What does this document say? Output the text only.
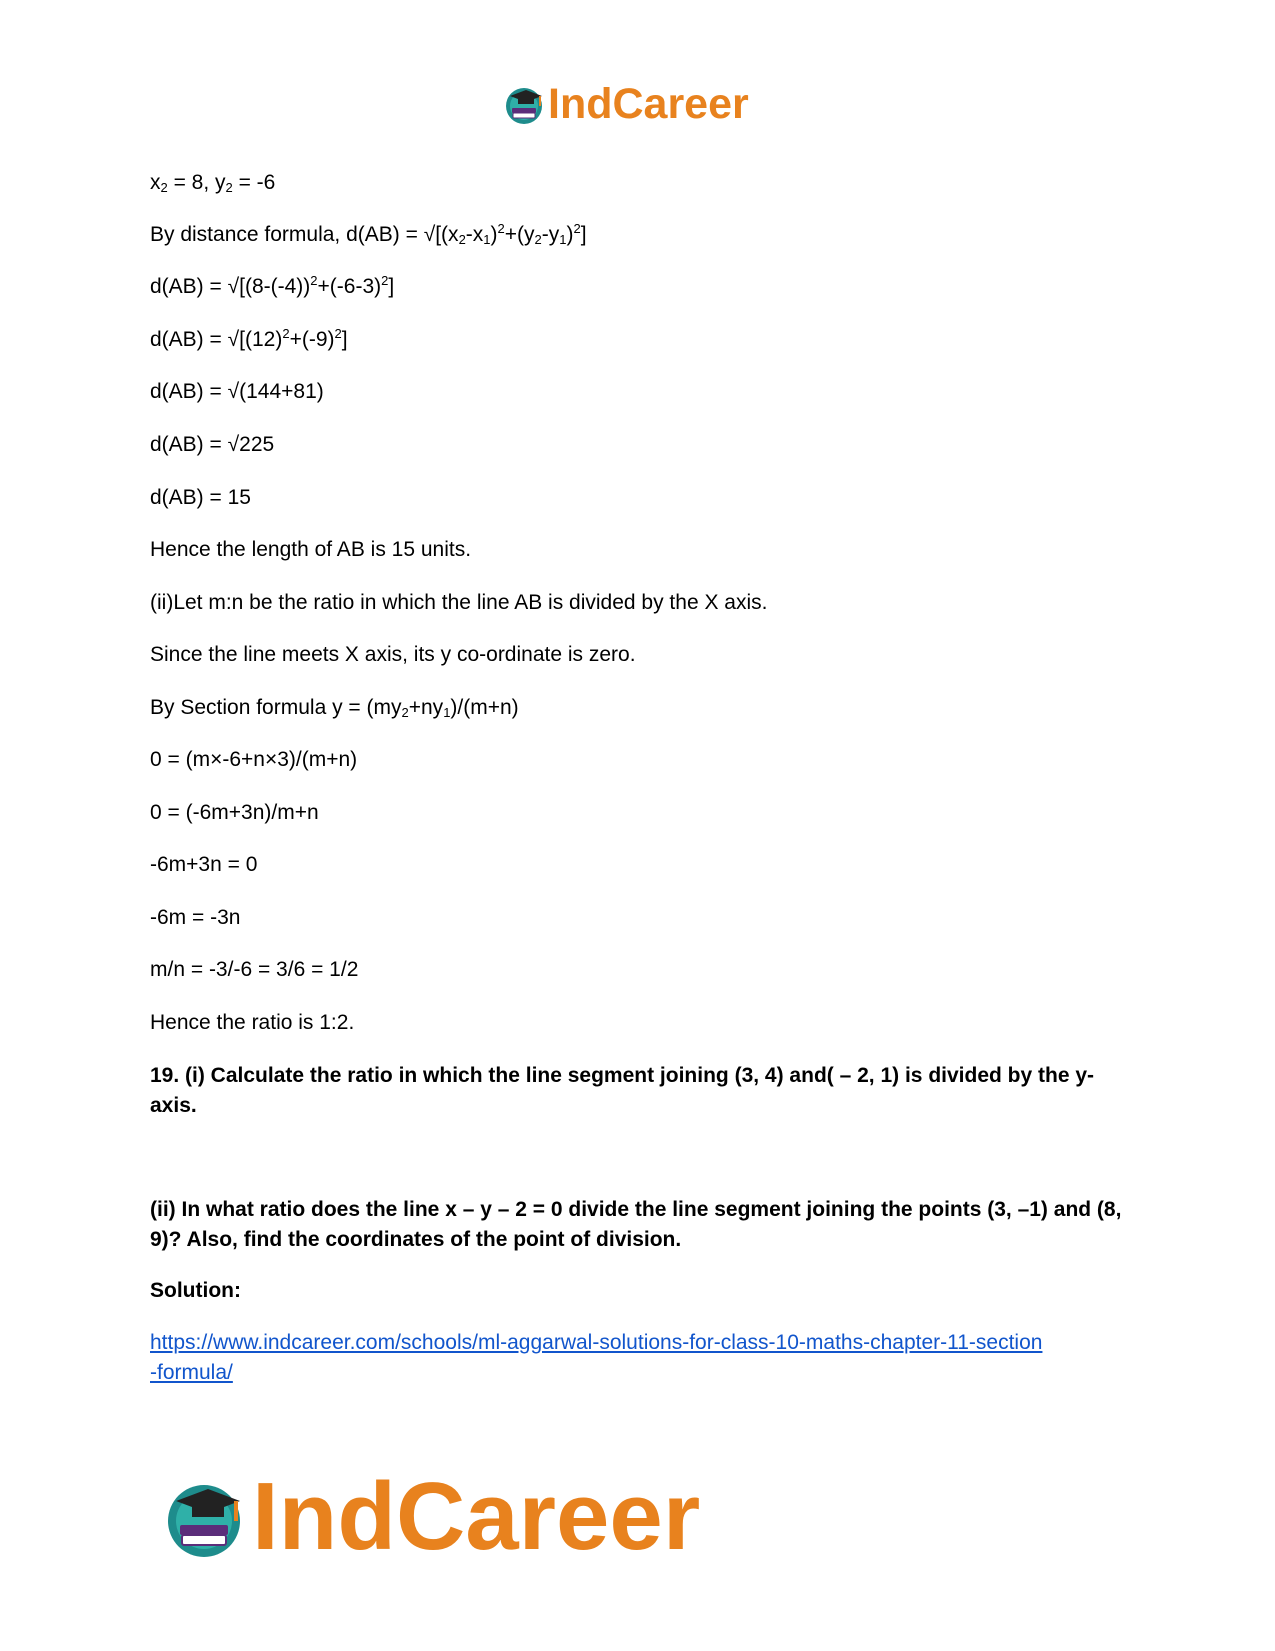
IndCareer
$x_2 = 8$, $y_2 = -6$
By distance formula, $d(AB) = √[(x_2-x_1)^2+(y_2-y_1)^2]$
$d(AB) = √[(8-(-4))^2+(-6-3)^2]$
$d(AB) = √[(12)^2+(-9)^2]$
d(AB) = √(144+81)
d(AB) = √225
d(AB) = 15
Hence the length of AB is 15 units.
(ii)Let m:n be the ratio in which the line AB is divided by the X axis.
Since the line meets X axis, its y co-ordinate is zero.
By Section formula $y = (my_2+ny_1)/(m+n)$
0 = (m×-6+n×3)/(m+n)
0 = (-6m+3n)/m+n
-6m+3n = 0
-6m = -3n
m/n = -3/-6 = 3/6 = 1/2
Hence the ratio is 1:2.
19. (i) Calculate the ratio in which the line segment joining (3, 4) and( – 2, 1) is divided by the y-axis.
(ii) In what ratio does the line x – y – 2 = 0 divide the line segment joining the points (3, –1) and (8, 9)? Also, find the coordinates of the point of division.
Solution:
https://www.indcareer.com/schools/ml-aggarwal-solutions-for-class-10-maths-chapter-11-section
-formula/
IndCareer
